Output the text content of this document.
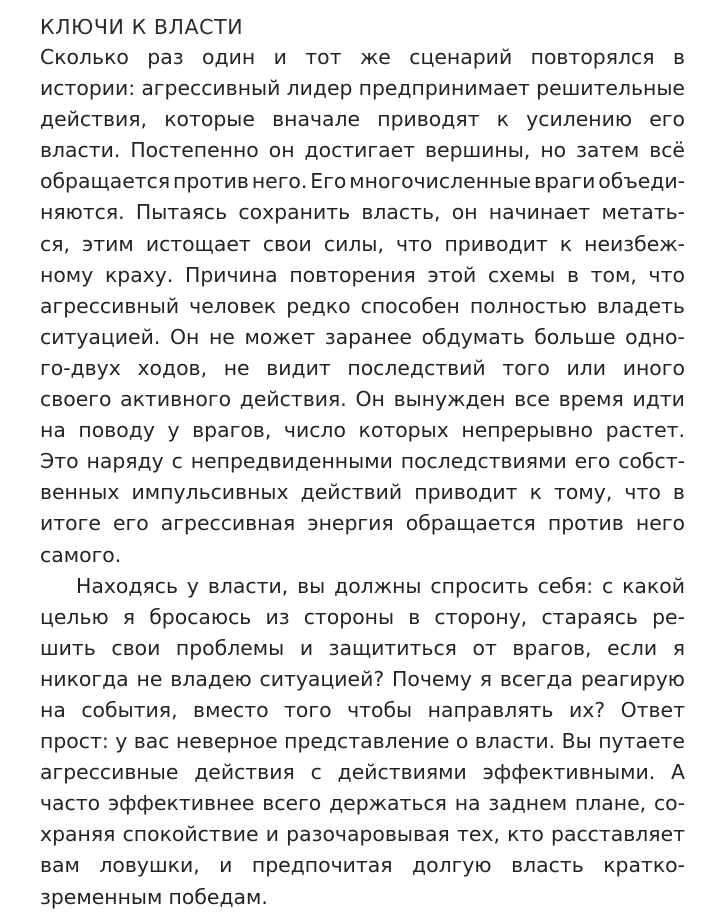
КЛЮЧИ К ВЛАСТИ
Сколько раз один и тот же сценарий повторялся в
истории: агрессивный лидер предпринимает решительные
действия, которые вначале приводят к усилению его
власти. Постепенно он достигает вершины, но затем всё
обращается против него. Его многочисленные враги объеди-
няются. Пытаясь сохранить власть, он начинает метать-
ся, этим истощает свои силы, что приводит к неизбеж-
ному краху. Причина повторения этой схемы в том, что
агрессивный человек редко способен полностью владеть
ситуацией. Он не может заранее обдумать больше одно-
го-двух ходов, не видит последствий того или иного
своего активного действия. Он вынужден все время идти
на поводу у врагов, число которых непрерывно растет.
Это наряду с непредвиденными последствиями его собст-
венных импульсивных действий приводит к тому, что в
итоге его агрессивная энергия обращается против него
самого.
Находясь у власти, вы должны спросить себя: с какой
целью я бросаюсь из стороны в сторону, стараясь ре-
шить свои проблемы и защититься от врагов, если я
никогда не владею ситуацией? Почему я всегда реагирую
на события, вместо того чтобы направлять их? Ответ
прост: у вас неверное представление о власти. Вы путаете
агрессивные действия с действиями эффективными. А
часто эффективнее всего держаться на заднем плане, со-
храняя спокойствие и разочаровывая тех, кто расставляет
вам ловушки, и предпочитая долгую власть кратко-
зременным победам.
